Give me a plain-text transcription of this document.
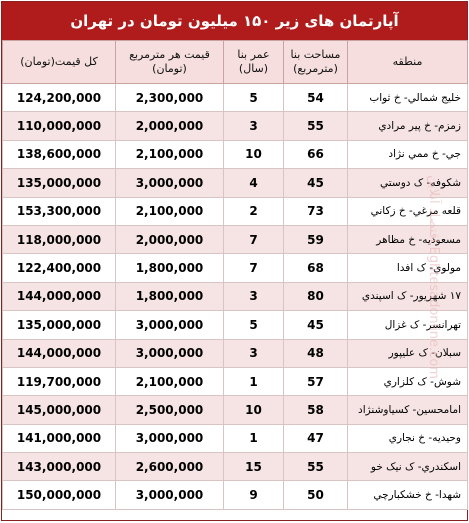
آپارتمان های زیر ۱۵۰ میلیون تومان در تهران
منطقه	مساحت بنا (مترمربع)	عمر بنا (سال)	قیمت هر مترمربع (تومان)	کل قیمت(تومان)
خلیج شمالي- خ ثواب	54	5	2,300,000	124,200,000
زمزم- خ پیر مرادي	55	3	2,000,000	110,000,000
جي- خ ممي نژاد	66	10	2,100,000	138,600,000
شکوفه- ک دوستي	45	4	3,000,000	135,000,000
قلعه مرغي- خ زکاني	73	2	2,100,000	153,300,000
مسعوديه- خ مظاهر	59	7	2,000,000	118,000,000
مولوي- ک افدا	68	7	1,800,000	122,400,000
۱۷ شهریور- ک اسپندي	80	3	1,800,000	144,000,000
تهرانسر- ک غزال	45	5	3,000,000	135,000,000
سبلان- ک علیپور	48	3	3,000,000	144,000,000
شوش- ک کلزاري	57	1	2,100,000	119,700,000
امامحسین- کسیاوشنژاد	58	10	2,500,000	145,000,000
وحیديه- خ نجاري	47	1	3,000,000	141,000,000
اسکندري- ک نیک خو	55	15	2,600,000	143,000,000
شهدا- خ خشکبارچي	50	9	3,000,000	150,000,000
اقتصاد آنلاین Eghtesadonline.com
